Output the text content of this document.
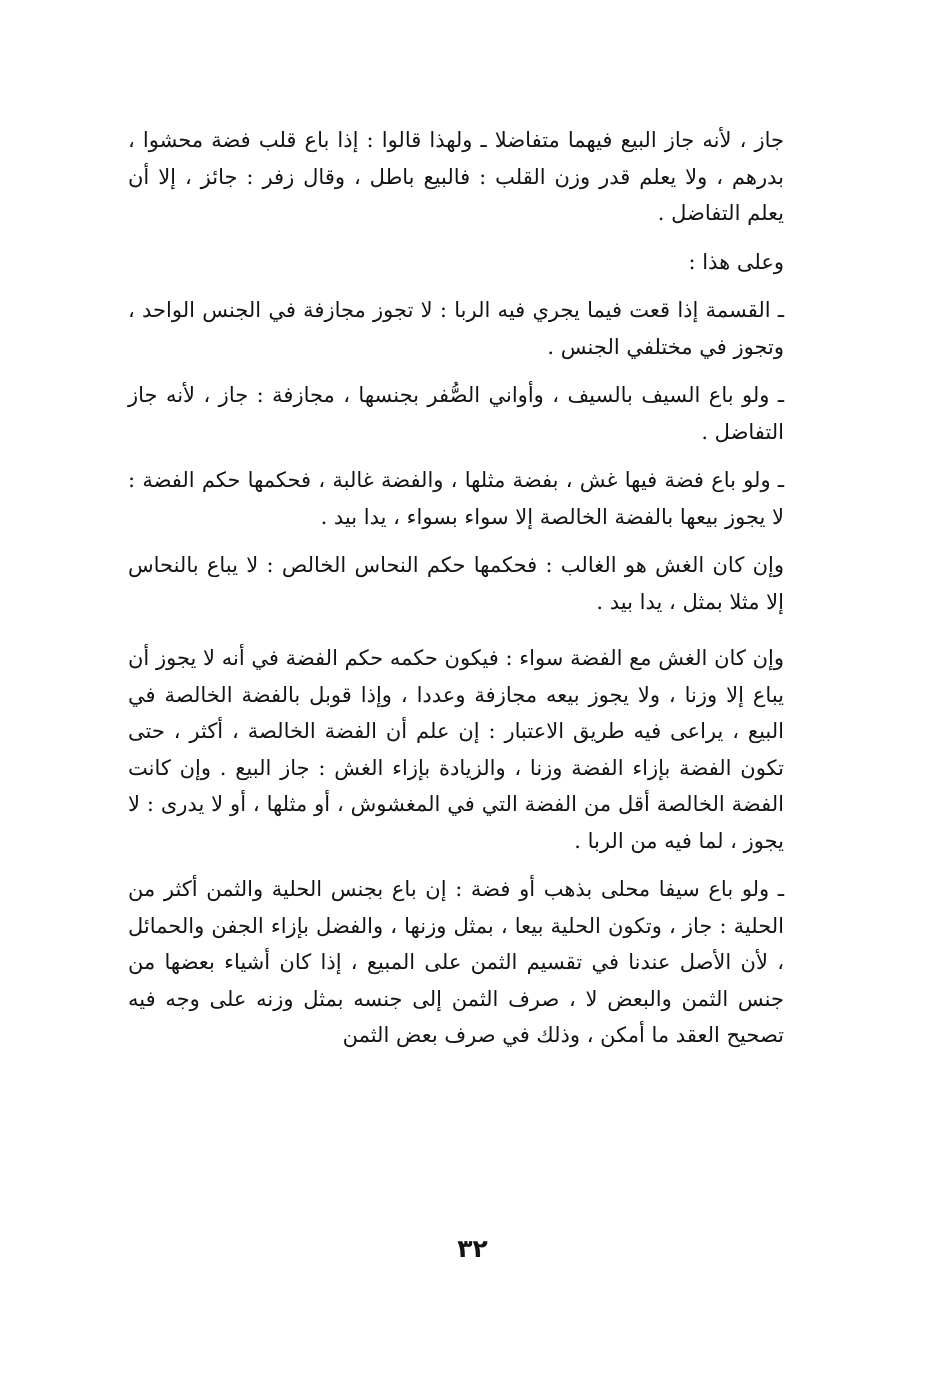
جاز ، لأنه جاز البيع فيهما متفاضلا ـ ولهذا قالوا : إذا باع قلب فضة محشوا ، بدرهم ، ولا يعلم قدر وزن القلب : فالبيع باطل ، وقال زفر : جائز ، إلا أن يعلم التفاضل .

وعلى هذا :

ـ القسمة إذا قعت فيما يجري فيه الربا : لا تجوز مجازفة في الجنس الواحد ، وتجوز في مختلفي الجنس .

ـ ولو باع السيف بالسيف ، وأواني الصُّفر بجنسها ، مجازفة : جاز ، لأنه جاز التفاضل .

ـ ولو باع فضة فيها غش ، بفضة مثلها ، والفضة غالبة ، فحكمها حكم الفضة : لا يجوز بيعها بالفضة الخالصة إلا سواء بسواء ، يدا بيد .

وإن كان الغش هو الغالب : فحكمها حكم النحاس الخالص : لا يباع بالنحاس إلا مثلا بمثل ، يدا بيد .

وإن كان الغش مع الفضة سواء : فيكون حكمه حكم الفضة في أنه لا يجوز أن يباع إلا وزنا ، ولا يجوز بيعه مجازفة وعددا ، وإذا قوبل بالفضة الخالصة في البيع ، يراعى فيه طريق الاعتبار : إن علم أن الفضة الخالصة ، أكثر ، حتى تكون الفضة بإزاء الفضة وزنا ، والزيادة بإزاء الغش : جاز البيع . وإن كانت الفضة الخالصة أقل من الفضة التي في المغشوش ، أو مثلها ، أو لا يدرى : لا يجوز ، لما فيه من الربا .

ـ ولو باع سيفا محلى بذهب أو فضة : إن باع بجنس الحلية والثمن أكثر من الحلية : جاز ، وتكون الحلية بيعا ، بمثل وزنها ، والفضل بإزاء الجفن والحمائل ، لأن الأصل عندنا في تقسيم الثمن على المبيع ، إذا كان أشياء بعضها من جنس الثمن والبعض لا ، صرف الثمن إلى جنسه بمثل وزنه على وجه فيه تصحيح العقد ما أمكن ، وذلك في صرف بعض الثمن

٣٢
